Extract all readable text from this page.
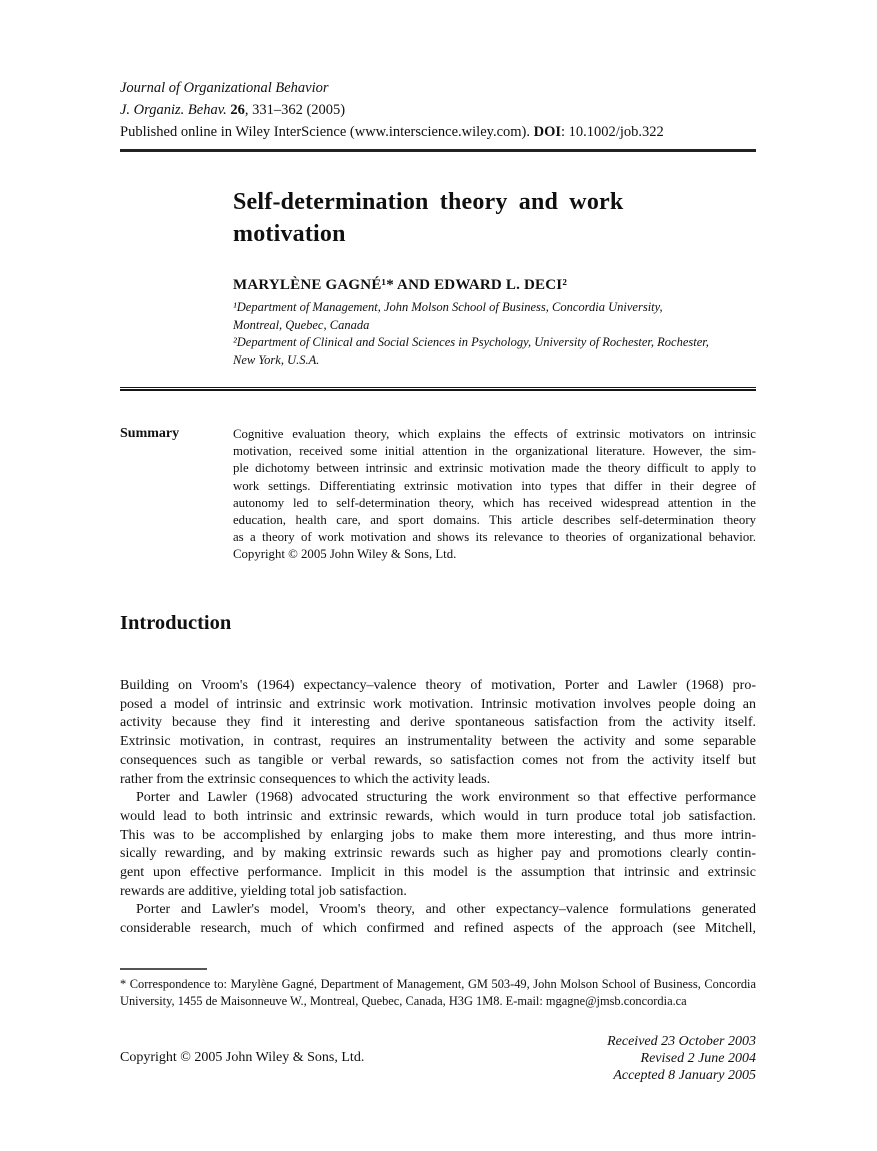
Journal of Organizational Behavior
J. Organiz. Behav. 26, 331–362 (2005)
Published online in Wiley InterScience (www.interscience.wiley.com). DOI: 10.1002/job.322
Self-determination theory and work
motivation
MARYLÈNE GAGNÉ¹* AND EDWARD L. DECI²
¹Department of Management, John Molson School of Business, Concordia University,
Montreal, Quebec, Canada
²Department of Clinical and Social Sciences in Psychology, University of Rochester, Rochester,
New York, U.S.A.
Summary	Cognitive evaluation theory, which explains the effects of extrinsic motivators on intrinsic
motivation, received some initial attention in the organizational literature. However, the sim-
ple dichotomy between intrinsic and extrinsic motivation made the theory difficult to apply to
work settings. Differentiating extrinsic motivation into types that differ in their degree of
autonomy led to self-determination theory, which has received widespread attention in the
education, health care, and sport domains. This article describes self-determination theory
as a theory of work motivation and shows its relevance to theories of organizational behavior.
Copyright © 2005 John Wiley & Sons, Ltd.
Introduction
Building on Vroom's (1964) expectancy–valence theory of motivation, Porter and Lawler (1968) pro-
posed a model of intrinsic and extrinsic work motivation. Intrinsic motivation involves people doing an
activity because they find it interesting and derive spontaneous satisfaction from the activity itself.
Extrinsic motivation, in contrast, requires an instrumentality between the activity and some separable
consequences such as tangible or verbal rewards, so satisfaction comes not from the activity itself but
rather from the extrinsic consequences to which the activity leads.
Porter and Lawler (1968) advocated structuring the work environment so that effective performance
would lead to both intrinsic and extrinsic rewards, which would in turn produce total job satisfaction.
This was to be accomplished by enlarging jobs to make them more interesting, and thus more intrin-
sically rewarding, and by making extrinsic rewards such as higher pay and promotions clearly contin-
gent upon effective performance. Implicit in this model is the assumption that intrinsic and extrinsic
rewards are additive, yielding total job satisfaction.
Porter and Lawler's model, Vroom's theory, and other expectancy–valence formulations generated
considerable research, much of which confirmed and refined aspects of the approach (see Mitchell,
* Correspondence to: Marylène Gagné, Department of Management, GM 503-49, John Molson School of Business, Concordia
University, 1455 de Maisonneuve W., Montreal, Quebec, Canada, H3G 1M8. E-mail: mgagne@jmsb.concordia.ca
Received 23 October 2003
Revised 2 June 2004
Accepted 8 January 2005
Copyright © 2005 John Wiley & Sons, Ltd.
